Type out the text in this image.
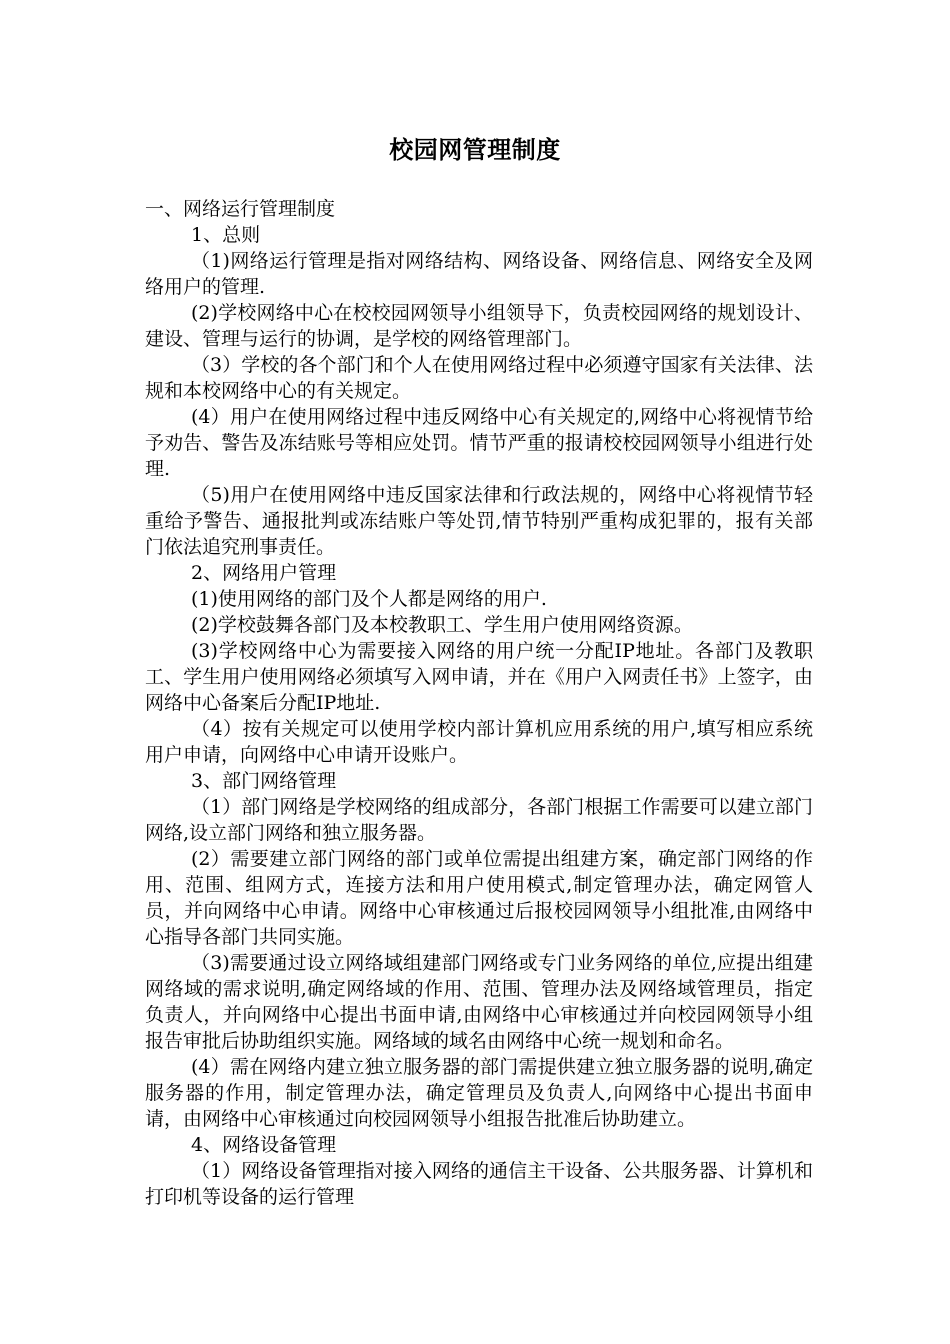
校园网管理制度

一、网络运行管理制度

1、总则

（1)网络运行管理是指对网络结构、网络设备、网络信息、网络安全及网络用户的管理.

(2)学校网络中心在校校园网领导小组领导下，负责校园网络的规划设计、建设、管理与运行的协调，是学校的网络管理部门。

（3）学校的各个部门和个人在使用网络过程中必须遵守国家有关法律、法规和本校网络中心的有关规定。

(4）用户在使用网络过程中违反网络中心有关规定的,网络中心将视情节给予劝告、警告及冻结账号等相应处罚。情节严重的报请校校园网领导小组进行处理.

（5)用户在使用网络中违反国家法律和行政法规的，网络中心将视情节轻重给予警告、通报批判或冻结账户等处罚,情节特别严重构成犯罪的，报有关部门依法追究刑事责任。

2、网络用户管理

(1)使用网络的部门及个人都是网络的用户.

(2)学校鼓舞各部门及本校教职工、学生用户使用网络资源。

(3)学校网络中心为需要接入网络的用户统一分配IP地址。各部门及教职工、学生用户使用网络必须填写入网申请，并在《用户入网责任书》上签字，由网络中心备案后分配IP地址.

（4）按有关规定可以使用学校内部计算机应用系统的用户,填写相应系统用户申请，向网络中心申请开设账户。

3、部门网络管理

（1）部门网络是学校网络的组成部分，各部门根据工作需要可以建立部门网络,设立部门网络和独立服务器。

(2）需要建立部门网络的部门或单位需提出组建方案，确定部门网络的作用、范围、组网方式，连接方法和用户使用模式,制定管理办法，确定网管人员，并向网络中心申请。网络中心审核通过后报校园网领导小组批准,由网络中心指导各部门共同实施。

（3)需要通过设立网络域组建部门网络或专门业务网络的单位,应提出组建网络域的需求说明,确定网络域的作用、范围、管理办法及网络域管理员，指定负责人，并向网络中心提出书面申请,由网络中心审核通过并向校园网领导小组报告审批后协助组织实施。网络域的域名由网络中心统一规划和命名。

(4）需在网络内建立独立服务器的部门需提供建立独立服务器的说明,确定服务器的作用，制定管理办法，确定管理员及负责人,向网络中心提出书面申请，由网络中心审核通过向校园网领导小组报告批准后协助建立。

4、网络设备管理

（1）网络设备管理指对接入网络的通信主干设备、公共服务器、计算机和打印机等设备的运行管理
